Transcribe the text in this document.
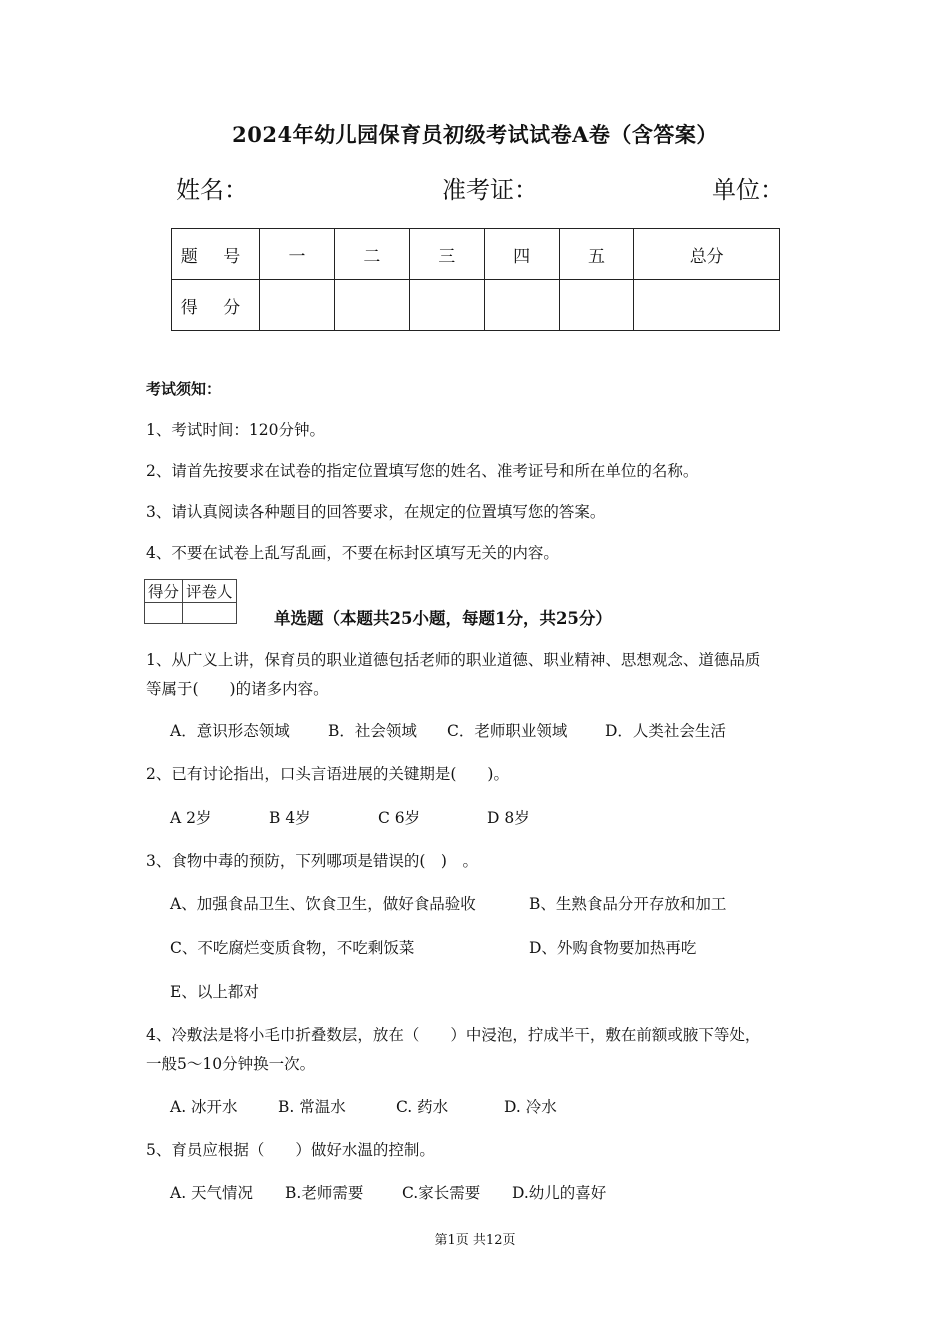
2024年幼儿园保育员初级考试试卷A卷（含答案）
姓名：	准考证：	单位：
题 号	一	二	三	四	五	总分
得 分						
考试须知：
1、考试时间：120分钟。
2、请首先按要求在试卷的指定位置填写您的姓名、准考证号和所在单位的名称。
3、请认真阅读各种题目的回答要求，在规定的位置填写您的答案。
4、不要在试卷上乱写乱画，不要在标封区填写无关的内容。
得分	评卷人

单选题（本题共25小题，每题1分，共25分）
1、从广义上讲，保育员的职业道德包括老师的职业道德、职业精神、思想观念、道德品质
等属于(　　)的诸多内容。
A．意识形态领域 B．社会领域 C．老师职业领域 D．人类社会生活
2、已有讨论指出，口头言语进展的关键期是(　　)。
A 2岁	B 4岁	C 6岁	D 8岁
3、食物中毒的预防，下列哪项是错误的(　)　。
A、加强食品卫生、饮食卫生，做好食品验收	B、生熟食品分开存放和加工
C、不吃腐烂变质食物，不吃剩饭菜	D、外购食物要加热再吃
E、以上都对
4、冷敷法是将小毛巾折叠数层，放在（　　）中浸泡，拧成半干，敷在前额或腋下等处，
一般5～10分钟换一次。
A. 冰开水	B. 常温水	C. 药水	D. 冷水
5、育员应根据（　　）做好水温的控制。
A. 天气情况 B.老师需要 C.家长需要 D.幼儿的喜好
第1页 共12页
